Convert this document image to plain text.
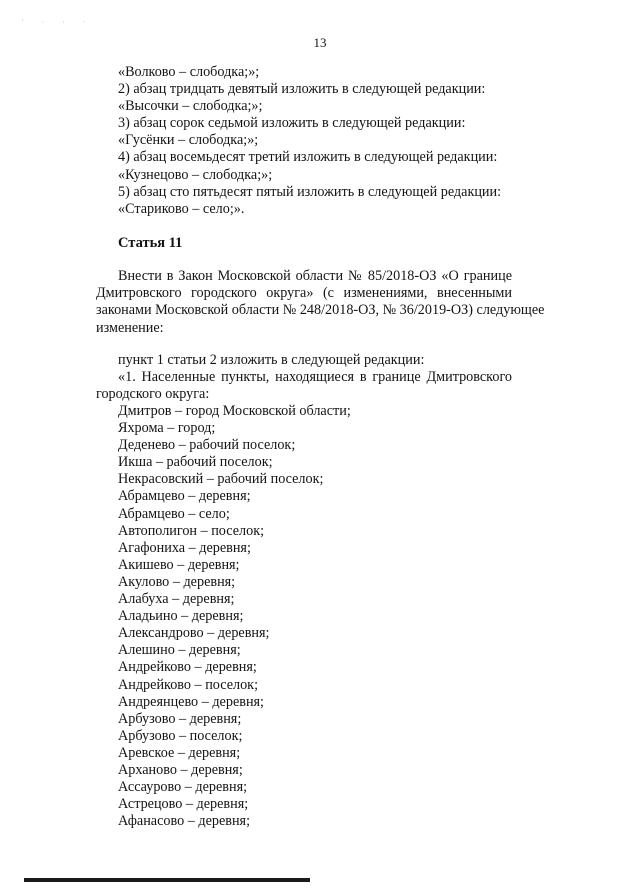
' · · ·
13
«Волково – слободка;»;
2) абзац тридцать девятый изложить в следующей редакции:
«Высочки – слободка;»;
3) абзац сорок седьмой изложить в следующей редакции:
«Гусёнки – слободка;»;
4) абзац восемьдесят третий изложить в следующей редакции:
«Кузнецово – слободка;»;
5) абзац сто пятьдесят пятый изложить в следующей редакции:
«Стариково – село;».
Статья 11
Внести в Закон Московской области № 85/2018-ОЗ «О границе
Дмитровского городского округа» (с изменениями, внесенными
законами Московской области № 248/2018-ОЗ, № 36/2019-ОЗ) следующее
изменение:
пункт 1 статьи 2 изложить в следующей редакции:
«1. Населенные пункты, находящиеся в границе Дмитровского
городского округа:
Дмитров – город Московской области;
Яхрома – город;
Деденево – рабочий поселок;
Икша – рабочий поселок;
Некрасовский – рабочий поселок;
Абрамцево – деревня;
Абрамцево – село;
Автополигон – поселок;
Агафониха – деревня;
Акишево – деревня;
Акулово – деревня;
Алабуха – деревня;
Аладьино – деревня;
Александрово – деревня;
Алешино – деревня;
Андрейково – деревня;
Андрейково – поселок;
Андреянцево – деревня;
Арбузово – деревня;
Арбузово – поселок;
Аревское – деревня;
Арханово – деревня;
Ассаурово – деревня;
Астрецово – деревня;
Афанасово – деревня;
